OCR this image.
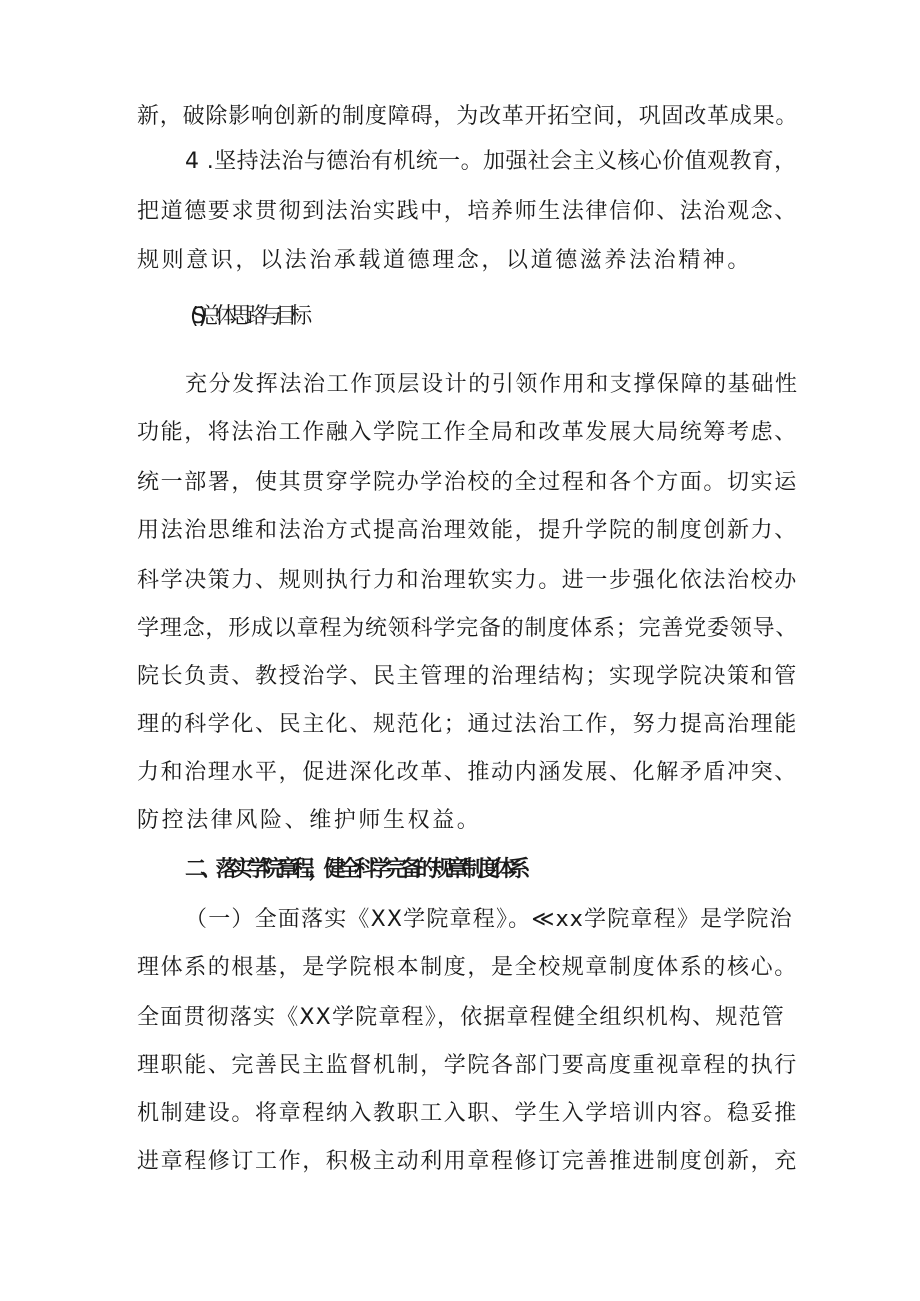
新，破除影响创新的制度障碍，为改革开拓空间，巩固改革成果。
4 .坚持法治与德治有机统一。加强社会主义核心价值观教育，
把道德要求贯彻到法治实践中，培养师生法律信仰、法治观念、
规则意识，以法治承载道德理念，以道德滋养法治精神。
(S)总体思路与目标
充分发挥法治工作顶层设计的引领作用和支撑保障的基础性
功能，将法治工作融入学院工作全局和改革发展大局统筹考虑、
统一部署，使其贯穿学院办学治校的全过程和各个方面。切实运
用法治思维和法治方式提高治理效能，提升学院的制度创新力、
科学决策力、规则执行力和治理软实力。进一步强化依法治校办
学理念，形成以章程为统领科学完备的制度体系；完善党委领导、
院长负责、教授治学、民主管理的治理结构；实现学院决策和管
理的科学化、民主化、规范化；通过法治工作，努力提高治理能
力和治理水平，促进深化改革、推动内涵发展、化解矛盾冲突、
防控法律风险、维护师生权益。
二、落实学院章程，健全科学完备的规章制度体系
（一）全面落实《XX学院章程》。≪xx学院章程》是学院治
理体系的根基，是学院根本制度，是全校规章制度体系的核心。
全面贯彻落实《XX学院章程》，依据章程健全组织机构、规范管
理职能、完善民主监督机制，学院各部门要高度重视章程的执行
机制建设。将章程纳入教职工入职、学生入学培训内容。稳妥推
进章程修订工作，积极主动利用章程修订完善推进制度创新，充
